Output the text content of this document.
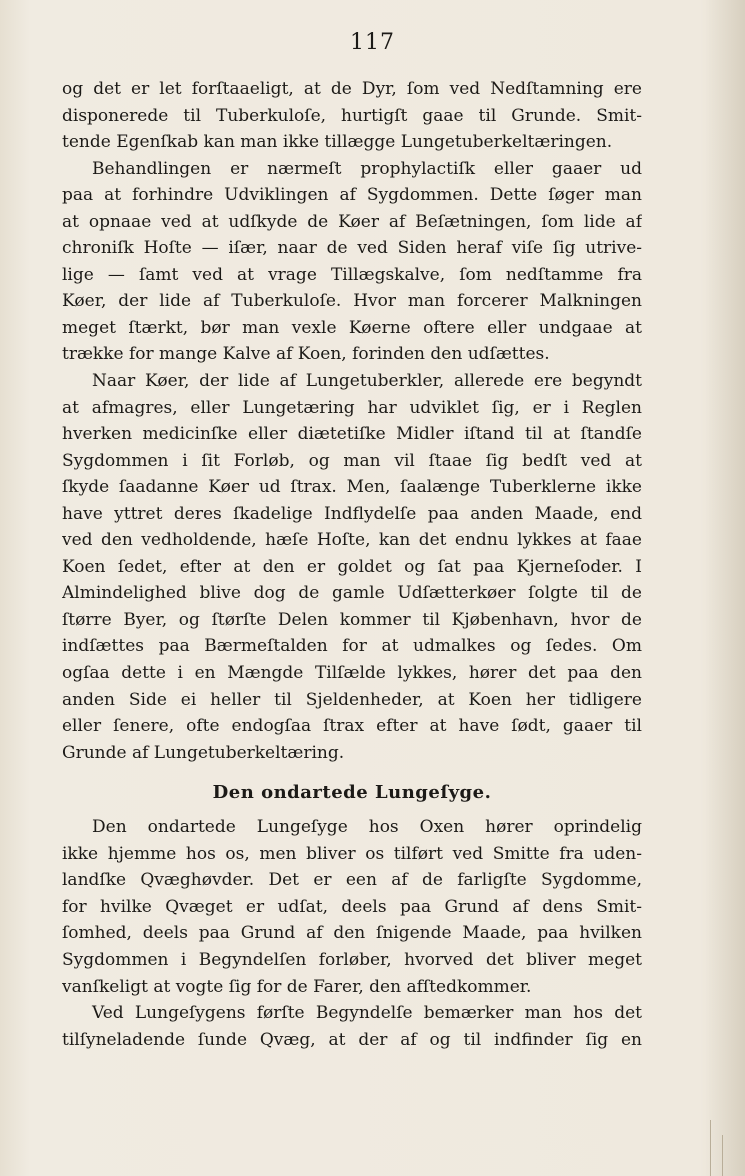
117
og det er let forſtaaeligt, at de Dyr, ſom ved Nedſtamning ere
disponerede til Tuberkuloſe, hurtigſt gaae til Grunde. Smit-
tende Egenſkab kan man ikke tillægge Lungetuberkeltæringen.
Behandlingen er nærmeſt prophylactiſk eller gaaer ud
paa at forhindre Udviklingen af Sygdommen. Dette ſøger man
at opnaae ved at udſkyde de Køer af Beſætningen, ſom lide af
chroniſk Hoſte — iſær, naar de ved Siden heraf viſe ſig utrive-
lige — ſamt ved at vrage Tillægskalve, ſom nedſtamme fra
Køer, der lide af Tuberkuloſe. Hvor man forcerer Malkningen
meget ſtærkt, bør man vexle Køerne oftere eller undgaae at
trække for mange Kalve af Koen, forinden den udſættes.
Naar Køer, der lide af Lungetuberkler, allerede ere begyndt
at afmagres, eller Lungetæring har udviklet ſig, er i Reglen
hverken medicinſke eller diætetiſke Midler iſtand til at ſtandſe
Sygdommen i ſit Forløb, og man vil ſtaae ſig bedſt ved at
ſkyde ſaadanne Køer ud ſtrax. Men, ſaalænge Tuberklerne ikke
have yttret deres ſkadelige Indflydelſe paa anden Maade, end
ved den vedholdende, hæſe Hoſte, kan det endnu lykkes at faae
Koen ſedet, efter at den er goldet og ſat paa Kjerneſoder. I
Almindelighed blive dog de gamle Udſætterkøer ſolgte til de
ſtørre Byer, og ſtørſte Delen kommer til Kjøbenhavn, hvor de
indſættes paa Bærmeſtalden for at udmalkes og ſedes. Om
ogſaa dette i en Mængde Tilſælde lykkes, hører det paa den
anden Side ei heller til Sjeldenheder, at Koen her tidligere
eller ſenere, ofte endogſaa ſtrax efter at have ſødt, gaaer til
Grunde af Lungetuberkeltæring.
Den ondartede Lungeſyge.
Den ondartede Lungeſyge hos Oxen hører oprindelig
ikke hjemme hos os, men bliver os tilført ved Smitte fra uden-
landſke Qvæghøvder. Det er een af de farligſte Sygdomme,
for hvilke Qvæget er udſat, deels paa Grund af dens Smit-
ſomhed, deels paa Grund af den ſnigende Maade, paa hvilken
Sygdommen i Begyndelſen forløber, hvorved det bliver meget
vanſkeligt at vogte ſig for de Farer, den afſtedkommer.
Ved Lungeſygens førſte Begyndelſe bemærker man hos det
tilſyneladende ſunde Qvæg, at der af og til indfinder ſig en
